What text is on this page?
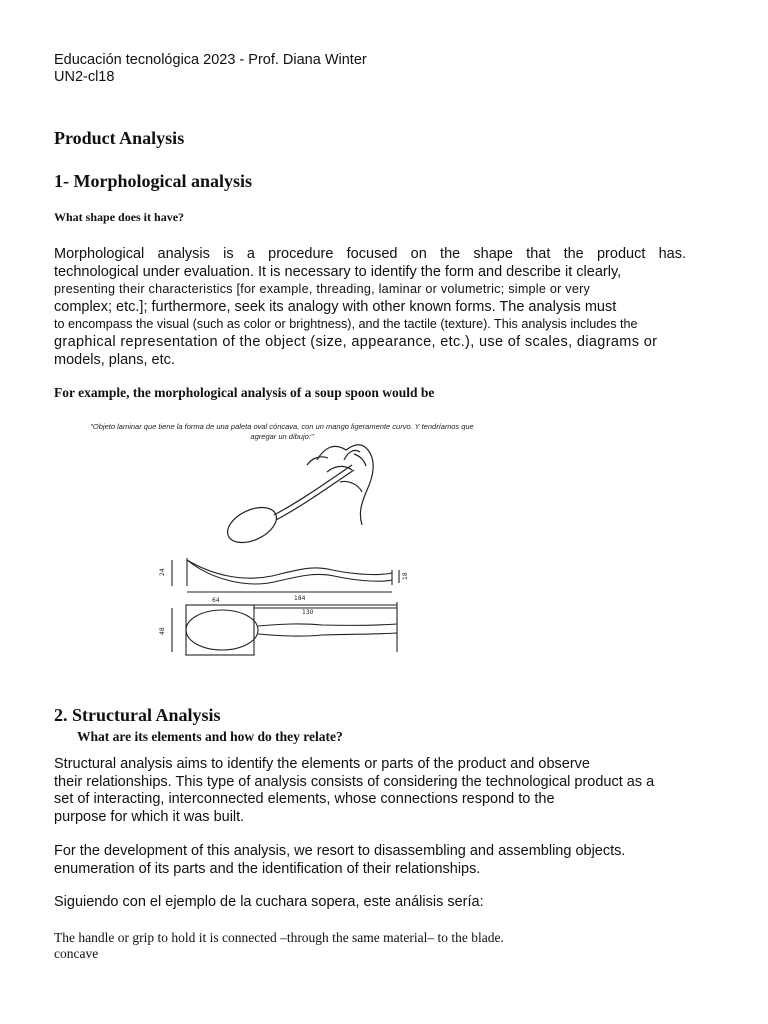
Educación tecnológica 2023 - Prof. Diana Winter
UN2-cl18
Product Analysis
1- Morphological analysis
What shape does it have?
Morphological analysis is a procedure focused on the shape that the product has.
technological under evaluation. It is necessary to identify the form and describe it clearly,
presenting their characteristics [for example, threading, laminar or volumetric; simple or very
complex; etc.]; furthermore, seek its analogy with other known forms. The analysis must
to encompass the visual (such as color or brightness), and the tactile (texture). This analysis includes the
graphical representation of the object (size, appearance, etc.), use of scales, diagrams or
models, plans, etc.
For example, the morphological analysis of a soup spoon would be
"Objeto laminar que tiene la forma de una paleta oval cóncava, con un mango ligeramente curvo. Y tendríamos que
agregar un dibujo:"
184
64
24
18
48
130
2. Structural Analysis
What are its elements and how do they relate?
Structural analysis aims to identify the elements or parts of the product and observe
their relationships. This type of analysis consists of considering the technological product as a
set of interacting, interconnected elements, whose connections respond to the
purpose for which it was built.
For the development of this analysis, we resort to disassembling and assembling objects.
enumeration of its parts and the identification of their relationships.
Siguiendo con el ejemplo de la cuchara sopera, este análisis sería:
The handle or grip to hold it is connected –through the same material– to the blade.
concave
